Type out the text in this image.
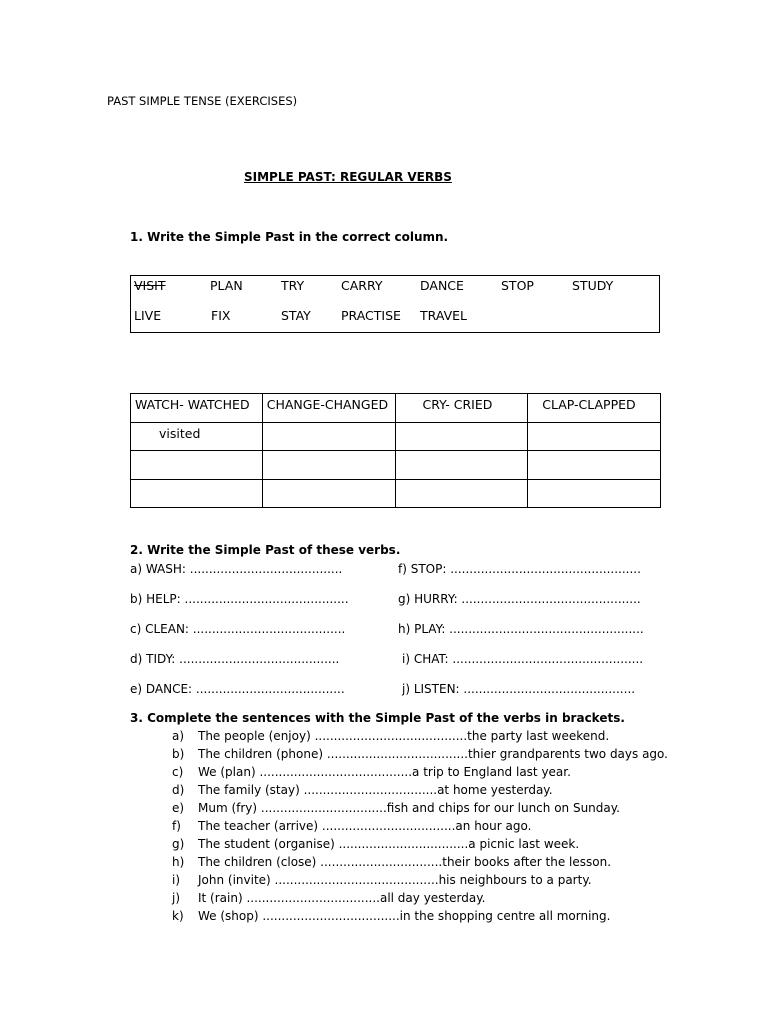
PAST SIMPLE TENSE (EXERCISES)
SIMPLE PAST: REGULAR VERBS
1. Write the Simple Past in the correct column.
VISIT	PLAN	TRY	CARRY	DANCE	STOP	STUDY
LIVE	FIX	STAY PRACTISE TRAVEL
WATCH- WATCHED	CHANGE-CHANGED	CRY- CRIED	CLAP-CLAPPED

visited			

2. Write the Simple Past of these verbs.
a) WASH: ........................................
b) HELP: ...........................................
c) CLEAN: ........................................
d) TIDY: ..........................................
e) DANCE: .......................................
f) STOP: ..................................................
g) HURRY: ...............................................
h) PLAY: ...................................................
i) CHAT: ..................................................
j) LISTEN: .............................................
3. Complete the sentences with the Simple Past of the verbs in brackets.
a) The people (enjoy) ........................................the party last weekend.
b) The children (phone) .....................................thier grandparents two days ago.
c) We (plan) ........................................a trip to England last year.
d) The family (stay) ...................................at home yesterday.
e) Mum (fry) .................................fish and chips for our lunch on Sunday.
f) The teacher (arrive) ...................................an hour ago.
g) The student (organise) ..................................a picnic last week.
h) The children (close) ................................their books after the lesson.
i) John (invite) ...........................................his neighbours to a party.
j) It (rain) ...................................all day yesterday.
k) We (shop) ....................................in the shopping centre all morning.
